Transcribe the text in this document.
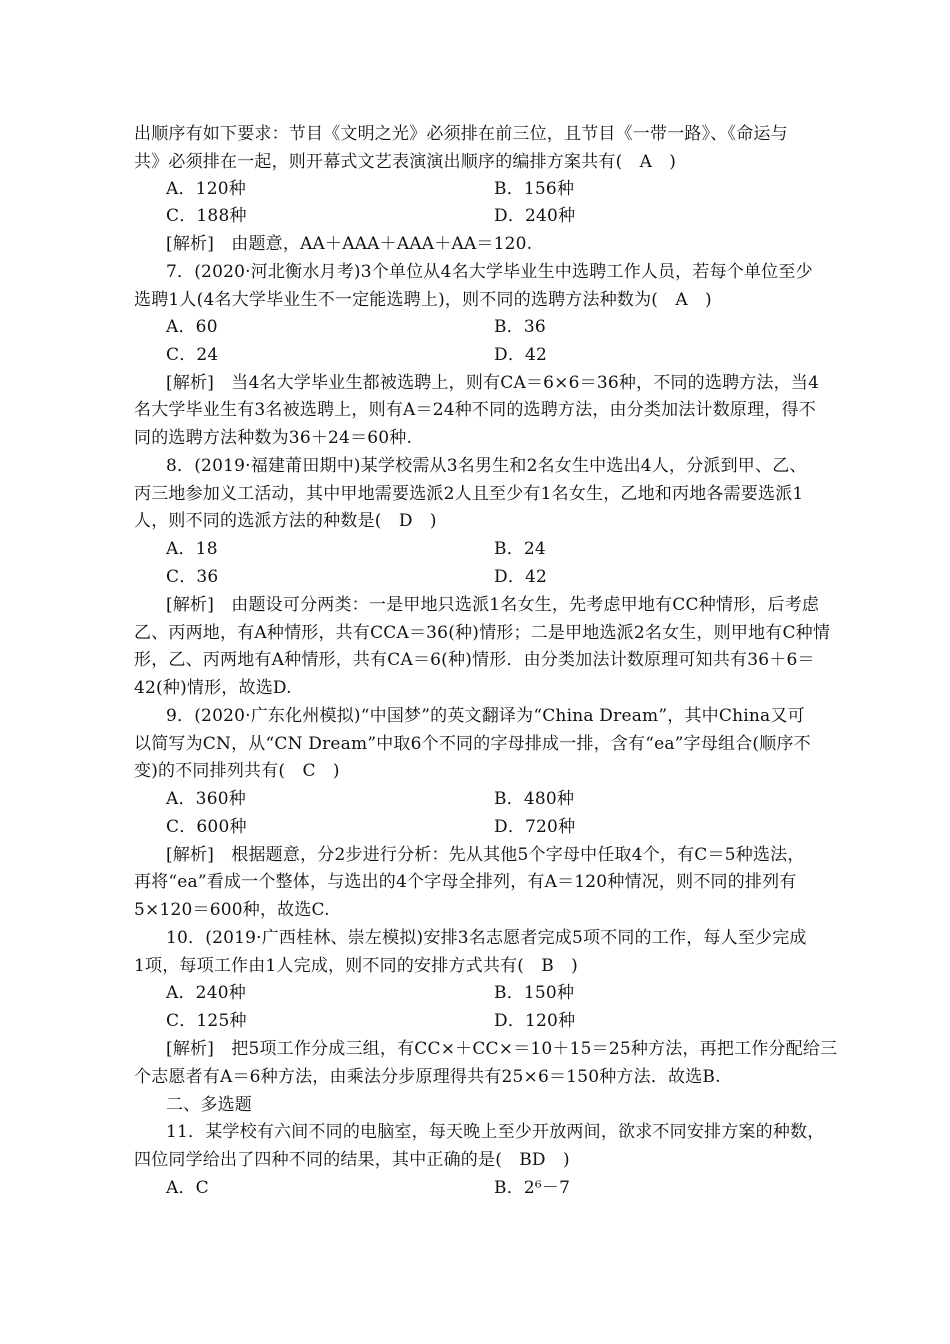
出顺序有如下要求：节目《文明之光》必须排在前三位，且节目《一带一路》、《命运与
共》必须排在一起，则开幕式文艺表演演出顺序的编排方案共有(　A　)
A．120种	B．156种
C．188种	D．240种
[解析]　由题意，AA＋AAA＋AAA＋AA＝120.
7．(2020·河北衡水月考)3个单位从4名大学毕业生中选聘工作人员，若每个单位至少
选聘1人(4名大学毕业生不一定能选聘上)，则不同的选聘方法种数为(　A　)
A．60	B．36
C．24	D．42
[解析]　当4名大学毕业生都被选聘上，则有CA＝6×6＝36种，不同的选聘方法，当4
名大学毕业生有3名被选聘上，则有A＝24种不同的选聘方法，由分类加法计数原理，得不
同的选聘方法种数为36＋24＝60种.
8．(2019·福建莆田期中)某学校需从3名男生和2名女生中选出4人，分派到甲、乙、
丙三地参加义工活动，其中甲地需要选派2人且至少有1名女生，乙地和丙地各需要选派1
人，则不同的选派方法的种数是(　D　)
A．18	B．24
C．36	D．42
[解析]　由题设可分两类：一是甲地只选派1名女生，先考虑甲地有CC种情形，后考虑
乙、丙两地，有A种情形，共有CCA＝36(种)情形；二是甲地选派2名女生，则甲地有C种情
形，乙、丙两地有A种情形，共有CA＝6(种)情形．由分类加法计数原理可知共有36＋6＝
42(种)情形，故选D.
9．(2020·广东化州模拟)“中国梦”的英文翻译为“China Dream”，其中China又可
以简写为CN，从“CN Dream”中取6个不同的字母排成一排，含有“ea”字母组合(顺序不
变)的不同排列共有(　C　)
A．360种	B．480种
C．600种	D．720种
[解析]　根据题意，分2步进行分析：先从其他5个字母中任取4个，有C＝5种选法，
再将“ea”看成一个整体，与选出的4个字母全排列，有A＝120种情况，则不同的排列有
5×120＝600种，故选C.
10．(2019·广西桂林、崇左模拟)安排3名志愿者完成5项不同的工作，每人至少完成
1项，每项工作由1人完成，则不同的安排方式共有(　B　)
A．240种	B．150种
C．125种	D．120种
[解析]　把5项工作分成三组，有CC×＋CC×＝10＋15＝25种方法，再把工作分配给三
个志愿者有A＝6种方法，由乘法分步原理得共有25×6＝150种方法．故选B.
二、多选题
11．某学校有六间不同的电脑室，每天晚上至少开放两间，欲求不同安排方案的种数，
四位同学给出了四种不同的结果，其中正确的是(　BD　)
A．C	B．2⁶－7
